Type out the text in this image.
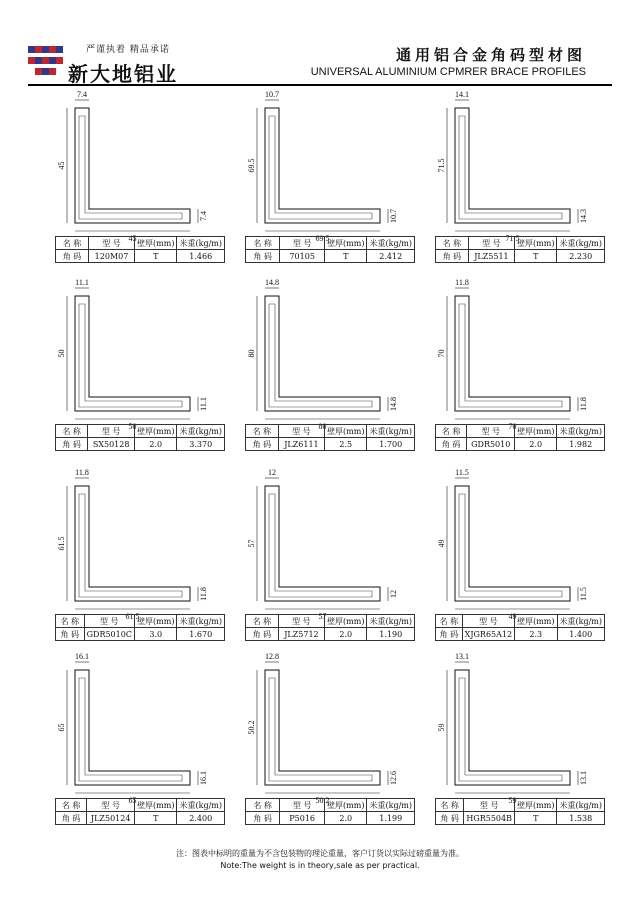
严谨执着 精品承诺
新大地铝业
通用铝合金角码型材图
UNIVERSAL ALUMINIUM CPMRER BRACE PROFILES
7.4
45
7.4
45
名 称	型 号	壁厚(mm)	米重(kg/m)
角 码	120M07	T	1.466
10.7
69.5
10.7
69.5
名 称	型 号	壁厚(mm)	米重(kg/m)
角 码	70105	T	2.412
14.1
71.5
14.3
71.5
名 称	型 号	壁厚(mm)	米重(kg/m)
角 码	JLZ5511	T	2.230
11.1
50
11.1
50
名 称	型 号	壁厚(mm)	米重(kg/m)
角 码	SX50128	2.0	3.370
14.8
80
14.8
80
名 称	型 号	壁厚(mm)	米重(kg/m)
角 码	JLZ6111	2.5	1.700
11.8
70
11.8
70
名 称	型 号	壁厚(mm)	米重(kg/m)
角 码	GDR5010	2.0	1.982
11.8
61.5
11.8
61.5
名 称	型 号	壁厚(mm)	米重(kg/m)
角 码	GDR5010C	3.0	1.670
12
57
12
57
名 称	型 号	壁厚(mm)	米重(kg/m)
角 码	JLZ5712	2.0	1.190
11.5
49
11.5
49
名 称	型 号	壁厚(mm)	米重(kg/m)
角 码	XJGR65A12	2.3	1.400
16.1
65
16.1
65
名 称	型 号	壁厚(mm)	米重(kg/m)
角 码	JLZ50124	T	2.400
12.8
50.2
12.6
50.2
名 称	型 号	壁厚(mm)	米重(kg/m)
角 码	P5016	2.0	1.199
13.1
59
13.1
59
名 称	型 号	壁厚(mm)	米重(kg/m)
角 码	HGR5504B	T	1.538
注：图表中标明的重量为不含包装物的理论重量，客户订货以实际过磅重量为准。
Note:The weight is in theory,sale as per practical.
